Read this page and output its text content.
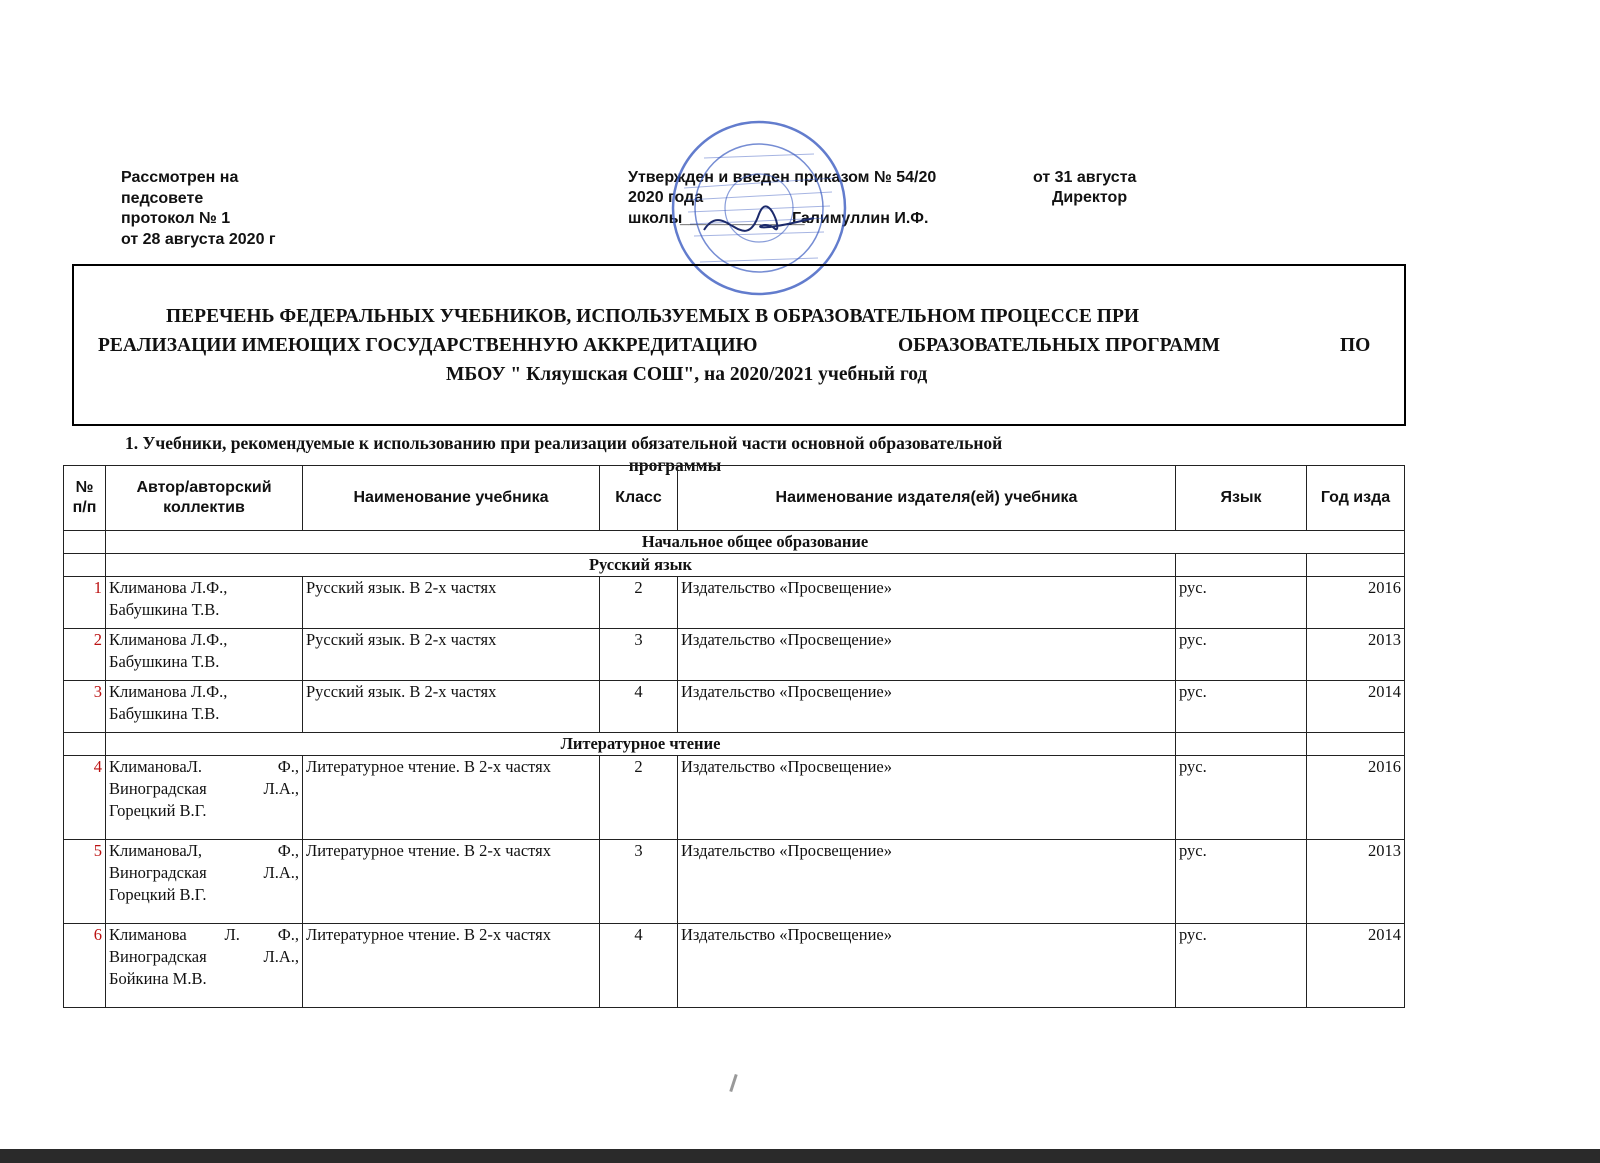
Рассмотрен на
педсовете
протокол № 1
от 28 августа 2020 г
Утвержден и введен приказом № 54/20	от 31 августа
2020 года	Директор
школы
______________
Галимуллин И.Ф.
ПЕРЕЧЕНЬ ФЕДЕРАЛЬНЫХ УЧЕБНИКОВ, ИСПОЛЬЗУЕМЫХ В ОБРАЗОВАТЕЛЬНОМ ПРОЦЕССЕ ПРИ
РЕАЛИЗАЦИИ ИМЕЮЩИХ ГОСУДАРСТВЕННУЮ АККРЕДИТАЦИЮ	ОБРАЗОВАТЕЛЬНЫХ ПРОГРАММ	ПО
МБОУ " Кляушская СОШ", на 2020/2021 учебный год
1. Учебники, рекомендуемые к использованию при реализации обязательной части основной образовательной
программы
№ п/п	Автор/авторский коллектив	Наименование учебника	Класс	Наименование издателя(ей) учебника	Язык	Год изда
	Начальное общее образование					
	Русский язык					
1	Климанова Л.Ф.,
Бабушкина Т.В.	Русский язык. В 2-х частях	2	Издательство «Просвещение»	рус.	2016
2	Климанова Л.Ф.,
Бабушкина Т.В.	Русский язык. В 2-х частях	3	Издательство «Просвещение»	рус.	2013
3	Климанова Л.Ф.,
Бабушкина Т.В.	Русский язык. В 2-х частях	4	Издательство «Просвещение»	рус.	2014
	Литературное чтение					
4	КлимановаЛ. Ф.,
Виноградская Л.А.,
Горецкий В.Г.	Литературное чтение. В 2-х частях	2	Издательство «Просвещение»	рус.	2016
5	КлимановаЛ, Ф.,
Виноградская Л.А.,
Горецкий В.Г.	Литературное чтение. В 2-х частях	3	Издательство «Просвещение»	рус.	2013
6	Климанова Л. Ф.,
Виноградская Л.А.,
Бойкина М.В.	Литературное чтение. В 2-х частях	4	Издательство «Просвещение»	рус.	2014
